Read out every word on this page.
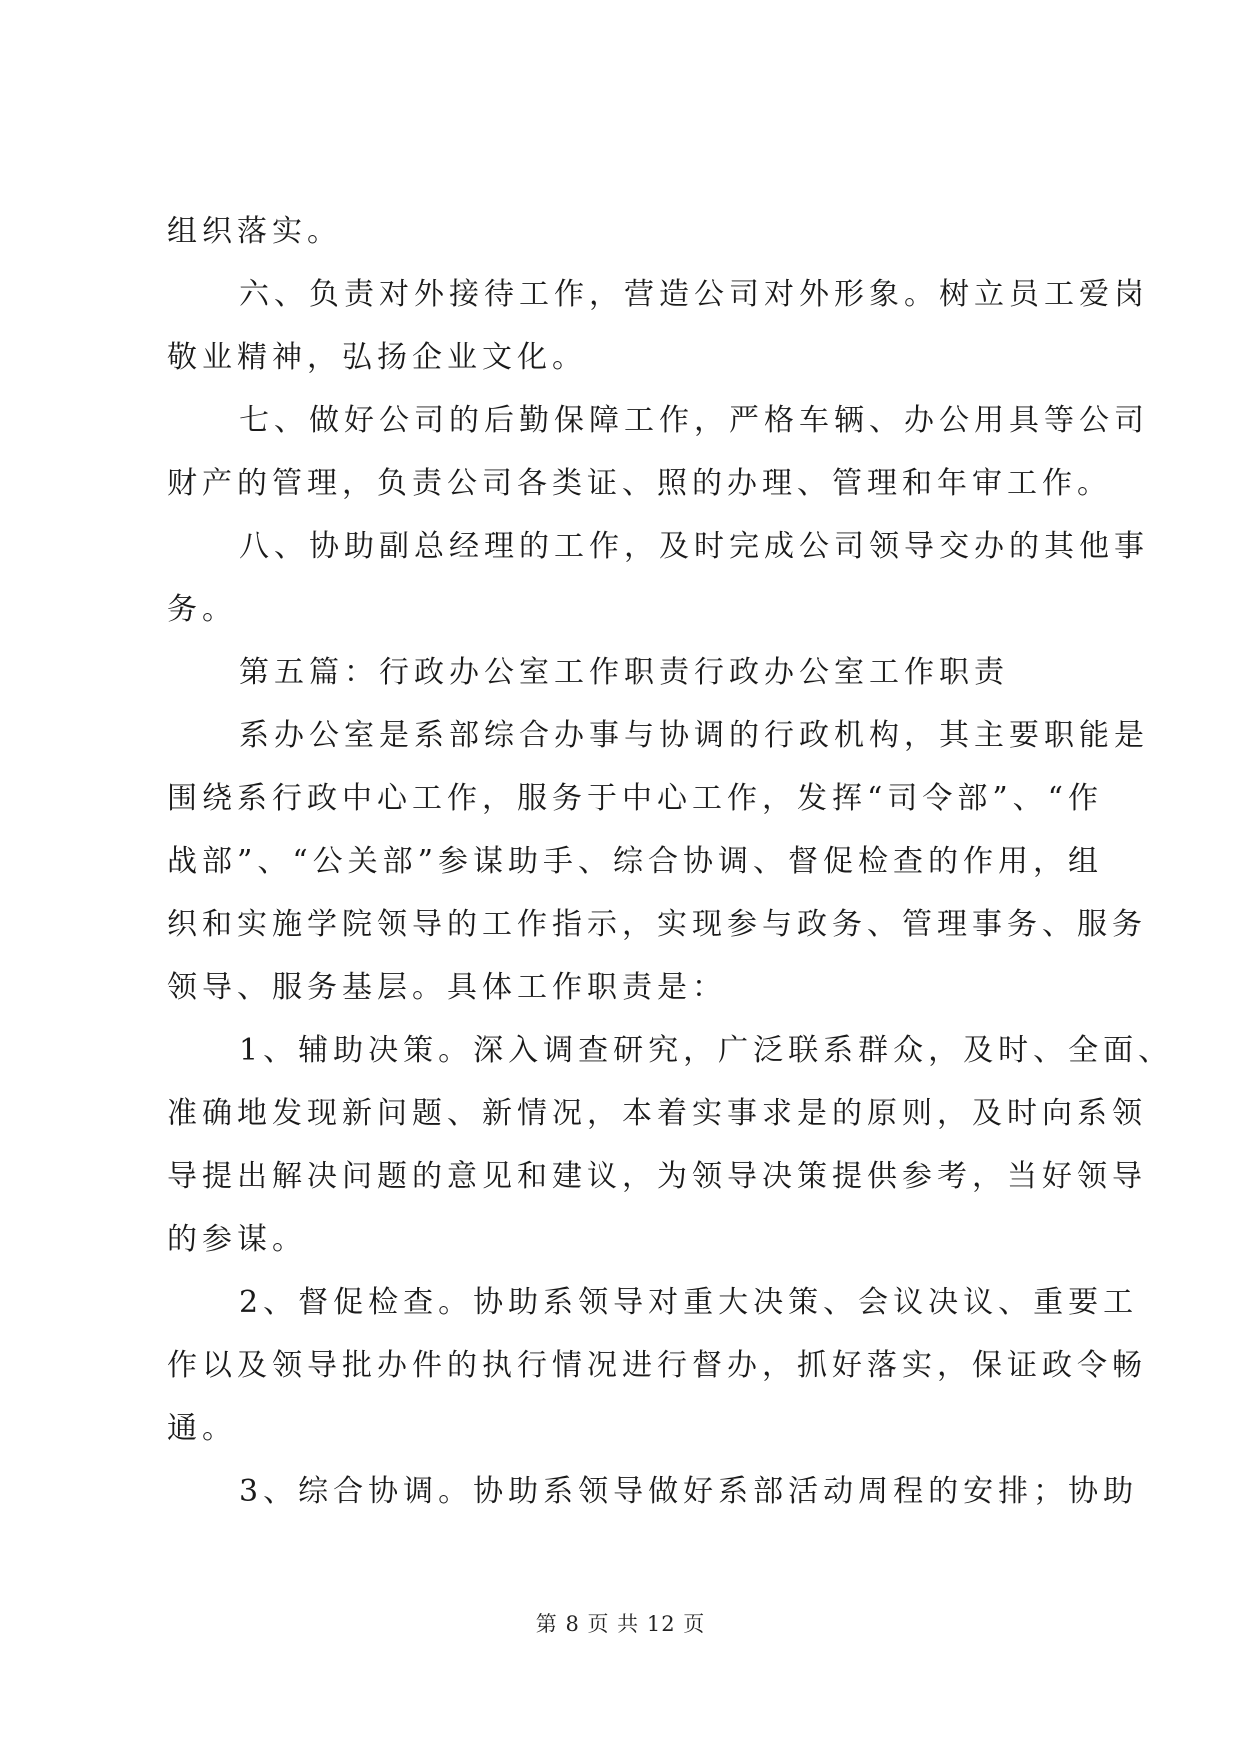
组织落实。
六、负责对外接待工作，营造公司对外形象。树立员工爱岗
敬业精神，弘扬企业文化。
七、做好公司的后勤保障工作，严格车辆、办公用具等公司
财产的管理，负责公司各类证、照的办理、管理和年审工作。
八、协助副总经理的工作，及时完成公司领导交办的其他事
务。
第五篇：行政办公室工作职责行政办公室工作职责
系办公室是系部综合办事与协调的行政机构，其主要职能是
围绕系行政中心工作，服务于中心工作，发挥“司令部”、“作
战部”、“公关部”参谋助手、综合协调、督促检查的作用，组
织和实施学院领导的工作指示，实现参与政务、管理事务、服务
领导、服务基层。具体工作职责是：
1、辅助决策。深入调查研究，广泛联系群众，及时、全面、
准确地发现新问题、新情况，本着实事求是的原则，及时向系领
导提出解决问题的意见和建议，为领导决策提供参考，当好领导
的参谋。
2、督促检查。协助系领导对重大决策、会议决议、重要工
作以及领导批办件的执行情况进行督办，抓好落实，保证政令畅
通。
3、综合协调。协助系领导做好系部活动周程的安排；协助
第 8 页 共 12 页
